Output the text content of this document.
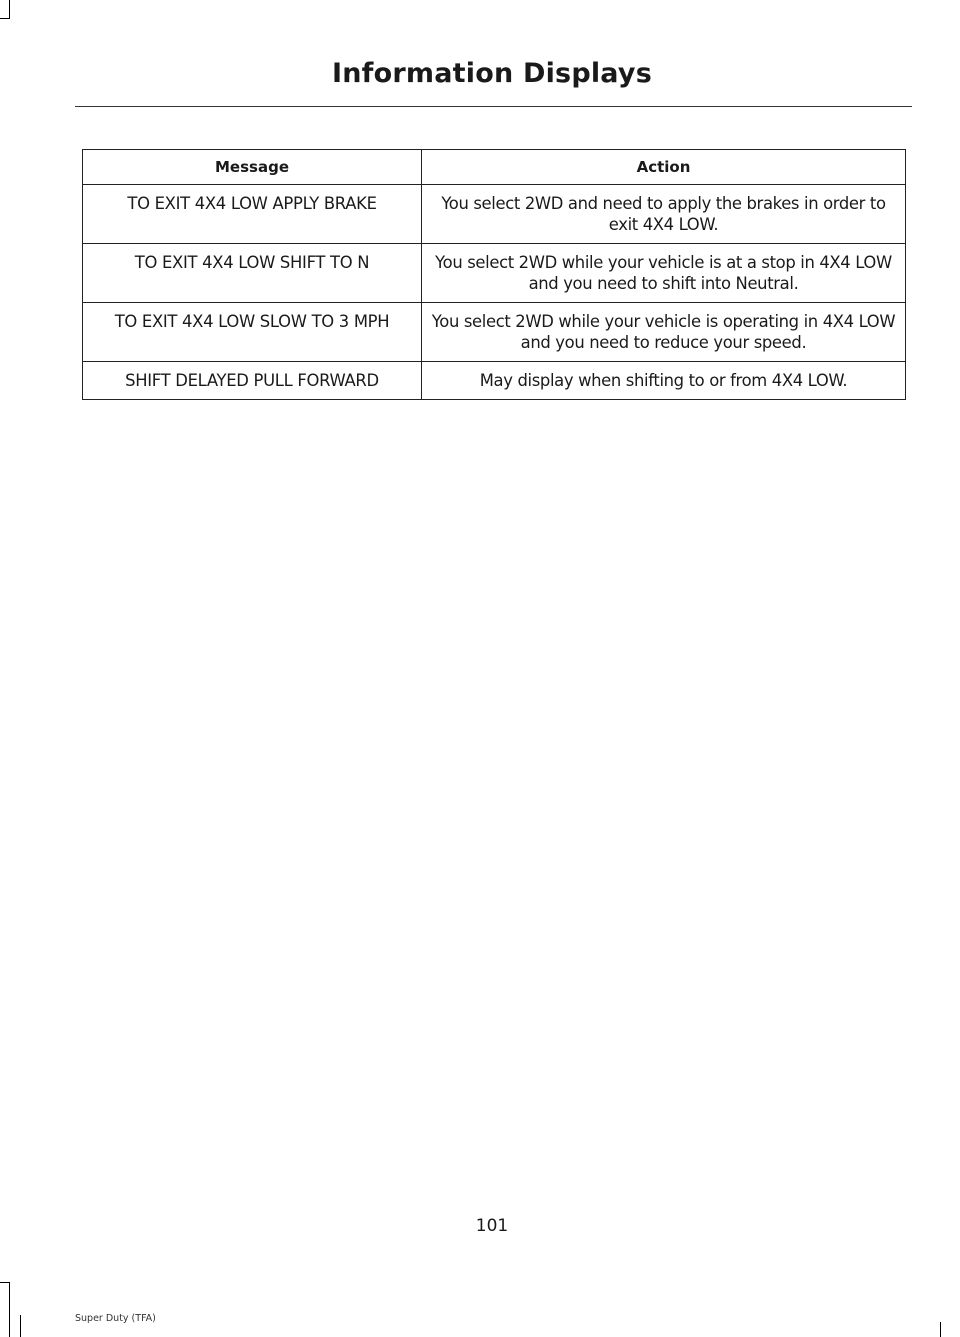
Information Displays
Message	Action
TO EXIT 4X4 LOW APPLY BRAKE	You select 2WD and need to apply the brakes in order to exit 4X4 LOW.
TO EXIT 4X4 LOW SHIFT TO N	You select 2WD while your vehicle is at a stop in 4X4 LOW and you need to shift into Neutral.
TO EXIT 4X4 LOW SLOW TO 3 MPH	You select 2WD while your vehicle is operating in 4X4 LOW and you need to reduce your speed.
SHIFT DELAYED PULL FORWARD	May display when shifting to or from 4X4 LOW.
101
Super Duty (TFA)
